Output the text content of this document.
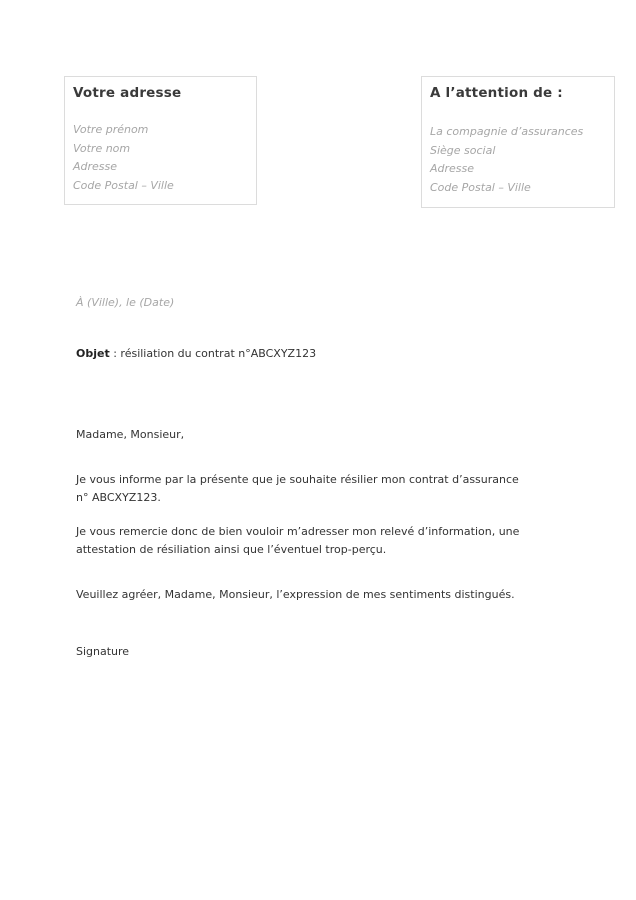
Votre adresse
Votre prénom
Votre nom
Adresse
Code Postal – Ville
A l’attention de :
La compagnie d’assurances
Siège social
Adresse
Code Postal – Ville
À (Ville), le (Date)
Objet : résiliation du contrat n°ABCXYZ123
Madame, Monsieur,
Je vous informe par la présente que je souhaite résilier mon contrat d’assurance
n° ABCXYZ123.
Je vous remercie donc de bien vouloir m’adresser mon relevé d’information, une
attestation de résiliation ainsi que l’éventuel trop-perçu.
Veuillez agréer, Madame, Monsieur, l’expression de mes sentiments distingués.
Signature
